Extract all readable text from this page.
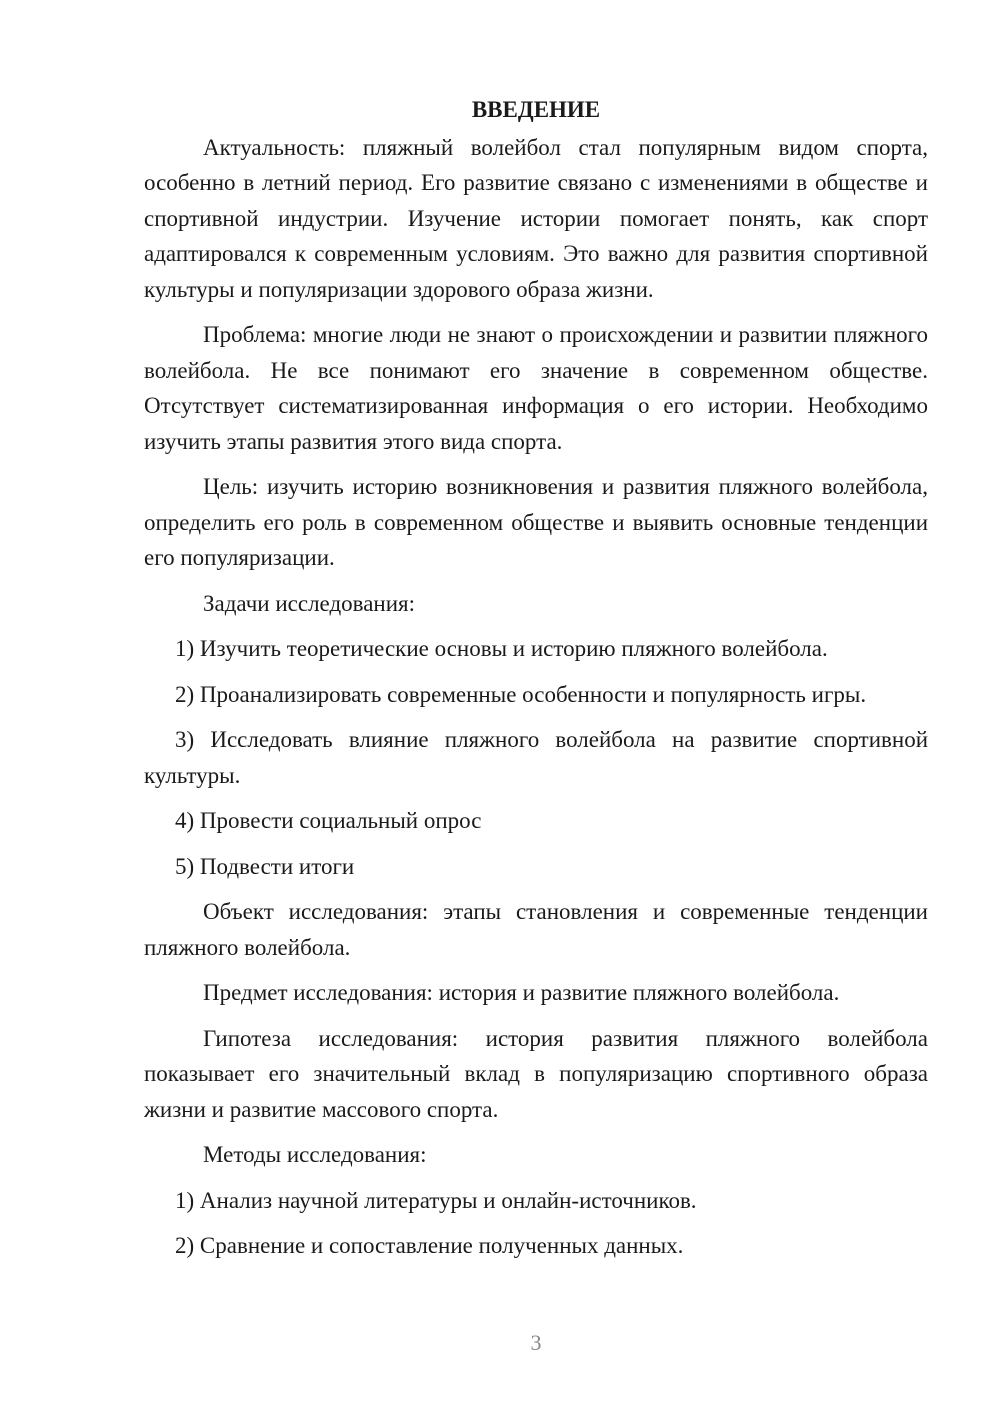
ВВЕДЕНИЕ

Актуальность: пляжный волейбол стал популярным видом спорта, особенно в летний период. Его развитие связано с изменениями в обществе и спортивной индустрии. Изучение истории помогает понять, как спорт адаптировался к современным условиям. Это важно для развития спортивной культуры и популяризации здорового образа жизни.

Проблема: многие люди не знают о происхождении и развитии пляжного волейбола. Не все понимают его значение в современном обществе. Отсутствует систематизированная информация о его истории. Необходимо изучить этапы развития этого вида спорта.

Цель: изучить историю возникновения и развития пляжного волейбола, определить его роль в современном обществе и выявить основные тенденции его популяризации.

Задачи исследования:

1) Изучить теоретические основы и историю пляжного волейбола.

2) Проанализировать современные особенности и популярность игры.

3) Исследовать влияние пляжного волейбола на развитие спортивной культуры.

4) Провести социальный опрос

5) Подвести итоги

Объект исследования: этапы становления и современные тенденции пляжного волейбола.

Предмет исследования: история и развитие пляжного волейбола.

Гипотеза исследования: история развития пляжного волейбола показывает его значительный вклад в популяризацию спортивного образа жизни и развитие массового спорта.

Методы исследования:

1) Анализ научной литературы и онлайн-источников.

2) Сравнение и сопоставление полученных данных.

3
